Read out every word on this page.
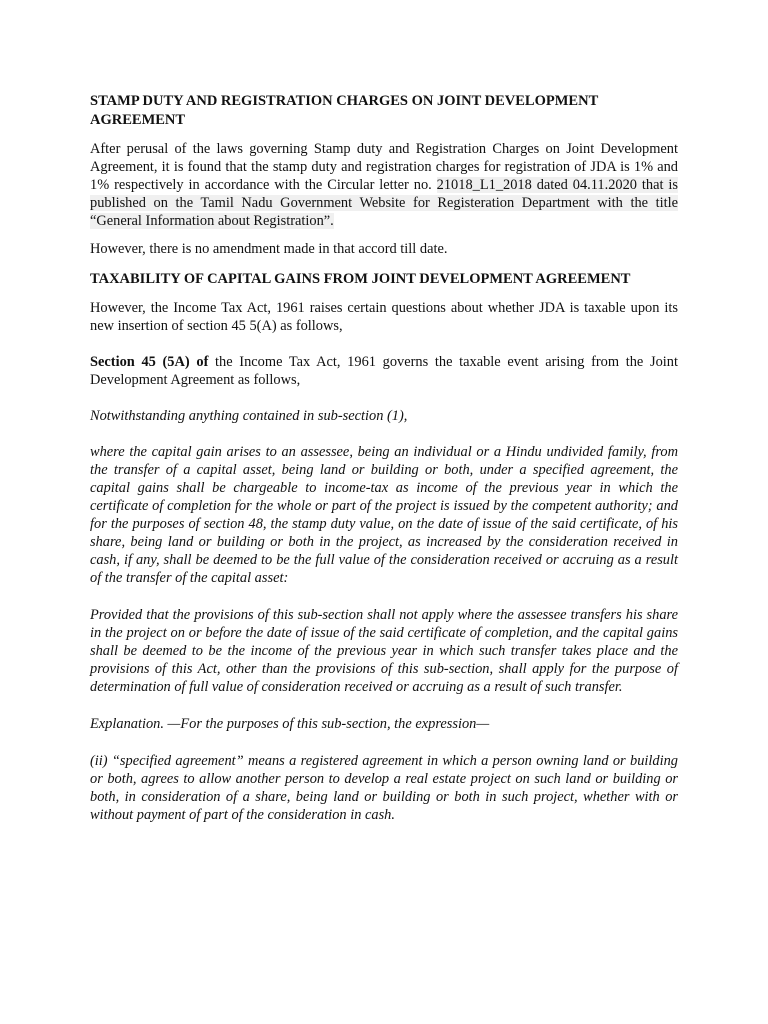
STAMP DUTY AND REGISTRATION CHARGES ON JOINT DEVELOPMENT AGREEMENT

After perusal of the laws governing Stamp duty and Registration Charges on Joint Development Agreement, it is found that the stamp duty and registration charges for registration of JDA is 1% and 1% respectively in accordance with the Circular letter no. 21018_L1_2018 dated 04.11.2020 that is published on the Tamil Nadu Government Website for Registeration Department with the title “General Information about Registration”.

However, there is no amendment made in that accord till date.

TAXABILITY OF CAPITAL GAINS FROM JOINT DEVELOPMENT AGREEMENT

However, the Income Tax Act, 1961 raises certain questions about whether JDA is taxable upon its new insertion of section 45 5(A) as follows,

Section 45 (5A) of the Income Tax Act, 1961 governs the taxable event arising from the Joint Development Agreement as follows,

Notwithstanding anything contained in sub-section (1),

where the capital gain arises to an assessee, being an individual or a Hindu undivided family, from the transfer of a capital asset, being land or building or both, under a specified agreement, the capital gains shall be chargeable to income-tax as income of the previous year in which the certificate of completion for the whole or part of the project is issued by the competent authority; and for the purposes of section 48, the stamp duty value, on the date of issue of the said certificate, of his share, being land or building or both in the project, as increased by the consideration received in cash, if any, shall be deemed to be the full value of the consideration received or accruing as a result of the transfer of the capital asset:

Provided that the provisions of this sub-section shall not apply where the assessee transfers his share in the project on or before the date of issue of the said certificate of completion, and the capital gains shall be deemed to be the income of the previous year in which such transfer takes place and the provisions of this Act, other than the provisions of this sub-section, shall apply for the purpose of determination of full value of consideration received or accruing as a result of such transfer.

Explanation. —For the purposes of this sub-section, the expression—

(ii) “specified agreement” means a registered agreement in which a person owning land or building or both, agrees to allow another person to develop a real estate project on such land or building or both, in consideration of a share, being land or building or both in such project, whether with or without payment of part of the consideration in cash.
